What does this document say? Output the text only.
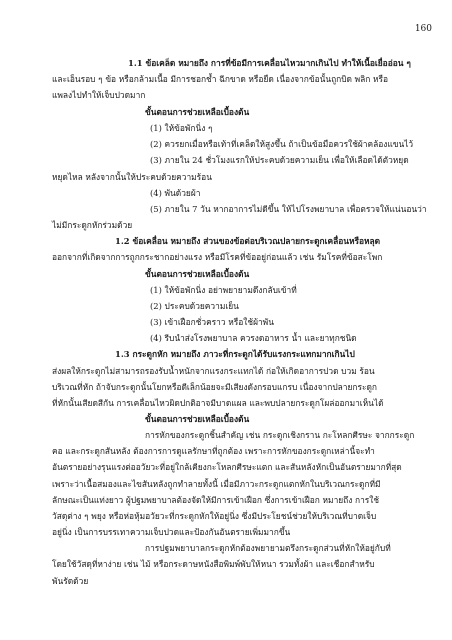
160
1.1 ข้อเคล็ด หมายถึง การที่ข้อมีการเคลื่อนไหวมากเกินไป ทำให้เนื้อเยื่ออ่อน ๆ
และเอ็นรอบ ๆ ข้อ หรือกล้ามเนื้อ มีการชอกช้ำ ฉีกขาด หรือยืด เนื่องจากข้อนั้นถูกบิด พลิก หรือ
แพลงไปทำให้เจ็บปวดมาก
ขั้นตอนการช่วยเหลือเบื้องต้น
(1) ให้ข้อพักนิ่ง ๆ
(2) ควรยกเมื่อหรือเท้าที่เคล็ดให้สูงขึ้น ถ้าเป็นข้อมือควรใช้ผ้าคล้องแขนไว้
(3) ภายใน 24 ชั่วโมงแรกให้ประคบด้วยความเย็น เพื่อให้เลือดได้ตัวหยุด
หยุดไหล หลังจากนั้นให้ประคบด้วยความร้อน
(4) พันด้วยผ้า
(5) ภายใน 7 วัน หากอาการไม่ดีขึ้น ให้ไปโรงพยาบาล เพื่อตรวจให้แน่นอนว่า
ไม่มีกระดูกหักร่วมด้วย
1.2 ข้อเคลื่อน หมายถึง ส่วนของข้อต่อบริเวณปลายกระดูกเคลื่อนหรือหลุด
ออกจากที่เกิดจากการถูกกระชากอย่างแรง หรือมีโรคที่ข้ออยู่ก่อนแล้ว เช่น รัมโรคที่ข้อสะโพก
ขั้นตอนการช่วยเหลือเบื้องต้น
(1) ให้ข้อพักนิ่ง อย่าพยายามดึงกลับเข้าที่
(2) ประคบด้วยความเย็น
(3) เข้าเฝือกชั่วคราว หรือใช้ผ้าพัน
(4) รีบนำส่งโรงพยาบาล ควรงดอาหาร น้ำ และยาทุกชนิด
1.3 กระดูกหัก หมายถึง ภาวะที่กระดูกได้รับแรงกระแทกมากเกินไป
ส่งผลให้กระดูกไม่สามารถรองรับน้ำหนักจากแรงกระแทกได้ ก่อให้เกิดอาการปวด บวม ร้อน
บริเวณที่หัก ถ้าจับกระดูกนั้นโยกหรือดีเล็กน้อยจะมีเสียงดังกรอบแกรบ เนื่องจากปลายกระดูก
ที่หักนั้นเสียดสีกัน การเคลื่อนไหวผิดปกติอาจมีบาดแผล และพบปลายกระดูกโผล่ออกมาเห็นได้
ขั้นตอนการช่วยเหลือเบื้องต้น
การหักของกระดูกชิ้นสำคัญ เช่น กระดูกเชิงกราน กะโหลกศีรษะ จากกระดูก
คอ และกระดูกสันหลัง ต้องการการดูแลรักษาที่ถูกต้อง เพราะการหักของกระดูกเหล่านี้จะทำ
อันตรายอย่างรุนแรงต่ออวัยวะที่อยู่ใกล้เคียงกะโหลกศีรษะแตก และสันหลังหักเป็นอันตรายมากที่สุด
เพราะว่าเนื้อสมองและไขสันหลังถูกทำลายทั้งนี้ เมื่อมีภาวะกระดูกแตกหักในบริเวณกระดูกที่มี
ลักษณะเป็นแท่งยาว ผู้ปฐมพยาบาลต้องจัดให้มีการเข้าเฝือก ซึ่งการเข้าเฝือก หมายถึง การใช้
วัสดุต่าง ๆ พยุง หรือห่อหุ้มอวัยวะที่กระดูกหักให้อยู่นิ่ง ซึ่งมีประโยชน์ช่วยให้บริเวณที่บาดเจ็บ
อยู่นิ่ง เป็นการบรรเทาความเจ็บปวดและป้องกันอันตรายเพิ่มมากขึ้น
การปฐมพยาบาลกระดูกหักต้องพยายามตรึงกระดูกส่วนที่หักให้อยู่กับที่
โดยใช้วัสดุที่หาง่าย เช่น ไม้ หรือกระดาษหนังสือพิมพ์พับให้หนา รวมทั้งผ้า และเชือกสำหรับ
พันรัดด้วย
